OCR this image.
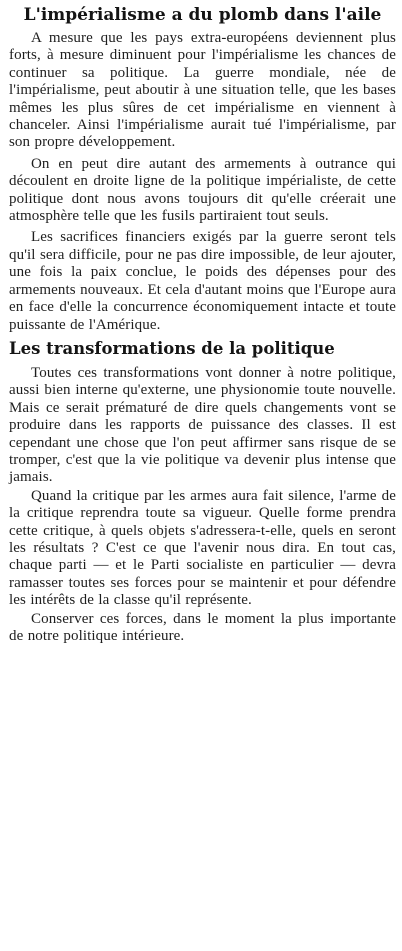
L'impérialisme a du plomb dans l'aile

A mesure que les pays extra-européens deviennent plus forts, à mesure diminuent pour l'impérialisme les chances de continuer sa politique. La guerre mondiale, née de l'impérialisme, peut aboutir à une situation telle, que les bases mêmes les plus sûres de cet impérialisme en viennent à chanceler. Ainsi l'impérialisme aurait tué l'impérialisme, par son propre développement.

On en peut dire autant des armements à outrance qui découlent en droite ligne de la politique impérialiste, de cette politique dont nous avons toujours dit qu'elle créerait une atmosphère telle que les fusils partiraient tout seuls.

Les sacrifices financiers exigés par la guerre seront tels qu'il sera difficile, pour ne pas dire impossible, de leur ajouter, une fois la paix conclue, le poids des dépenses pour des armements nouveaux. Et cela d'autant moins que l'Europe aura en face d'elle la concurrence économiquement intacte et toute puissante de l'Amérique.

Les transformations de la politique

Toutes ces transformations vont donner à notre politique, aussi bien interne qu'externe, une physionomie toute nouvelle. Mais ce serait prématuré de dire quels changements vont se produire dans les rapports de puissance des classes. Il est cependant une chose que l'on peut affirmer sans risque de se tromper, c'est que la vie politique va devenir plus intense que jamais.

Quand la critique par les armes aura fait silence, l'arme de la critique reprendra toute sa vigueur. Quelle forme prendra cette critique, à quels objets s'adressera-t-elle, quels en seront les résultats ? C'est ce que l'avenir nous dira. En tout cas, chaque parti — et le Parti socialiste en particulier — devra ramasser toutes ses forces pour se maintenir et pour défendre les intérêts de la classe qu'il représente.

Conserver ces forces, dans le moment la plus importante de notre politique intérieure.
